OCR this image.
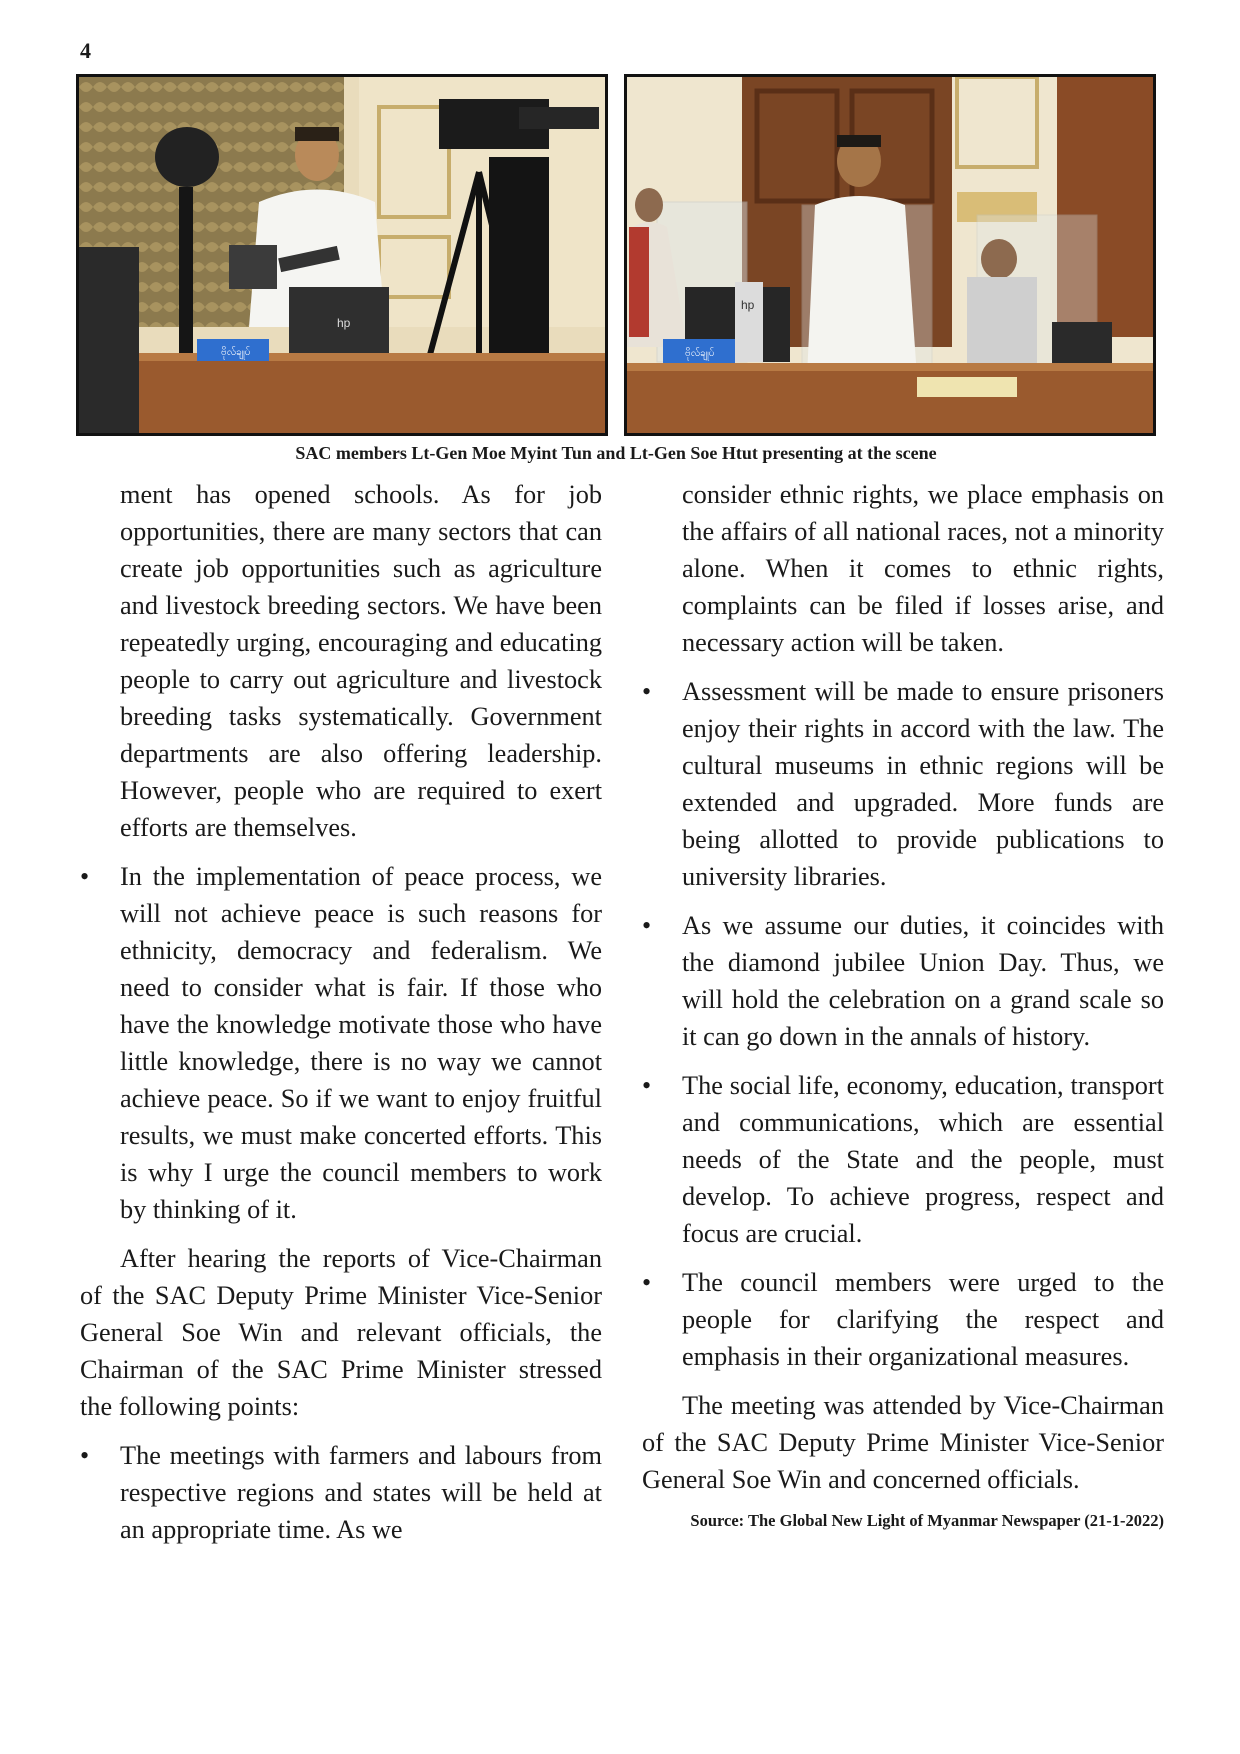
4
hp
ဗိုလ်ချုပ်
hp
ဗိုလ်ချုပ်
SAC members Lt-Gen Moe Myint Tun and Lt-Gen Soe Htut presenting at the scene

ment has opened schools. As for job opportunities, there are many sectors that can create job opportunities such as agriculture and livestock breeding sectors. We have been repeatedly urging, encouraging and educating people to carry out agriculture and livestock breeding tasks systematically. Government departments are also offering leadership. However, people who are required to exert efforts are themselves.

•	In the implementation of peace process, we will not achieve peace is such reasons for ethnicity, democracy and federalism. We need to consider what is fair. If those who have the knowledge motivate those who have little knowledge, there is no way we cannot achieve peace. So if we want to enjoy fruitful results, we must make concerted efforts. This is why I urge the council members to work by thinking of it.

After hearing the reports of Vice-Chairman of the SAC Deputy Prime Minister Vice-Senior General Soe Win and relevant officials, the Chairman of the SAC Prime Minister stressed the following points:

•	The meetings with farmers and labours from respective regions and states will be held at an appropriate time. As we

consider ethnic rights, we place emphasis on the affairs of all national races, not a minority alone. When it comes to ethnic rights, complaints can be filed if losses arise, and necessary action will be taken.

•	Assessment will be made to ensure prisoners enjoy their rights in accord with the law. The cultural museums in ethnic regions will be extended and upgraded. More funds are being allotted to provide publications to university libraries.
•	As we assume our duties, it coincides with the diamond jubilee Union Day. Thus, we will hold the celebration on a grand scale so it can go down in the annals of history.
•	The social life, economy, education, transport and communications, which are essential needs of the State and the people, must develop. To achieve progress, respect and focus are crucial.
•	The council members were urged to the people for clarifying the respect and emphasis in their organizational measures.

The meeting was attended by Vice-Chairman of the SAC Deputy Prime Minister Vice-Senior General Soe Win and concerned officials.

Source: The Global New Light of Myanmar Newspaper (21-1-2022)
